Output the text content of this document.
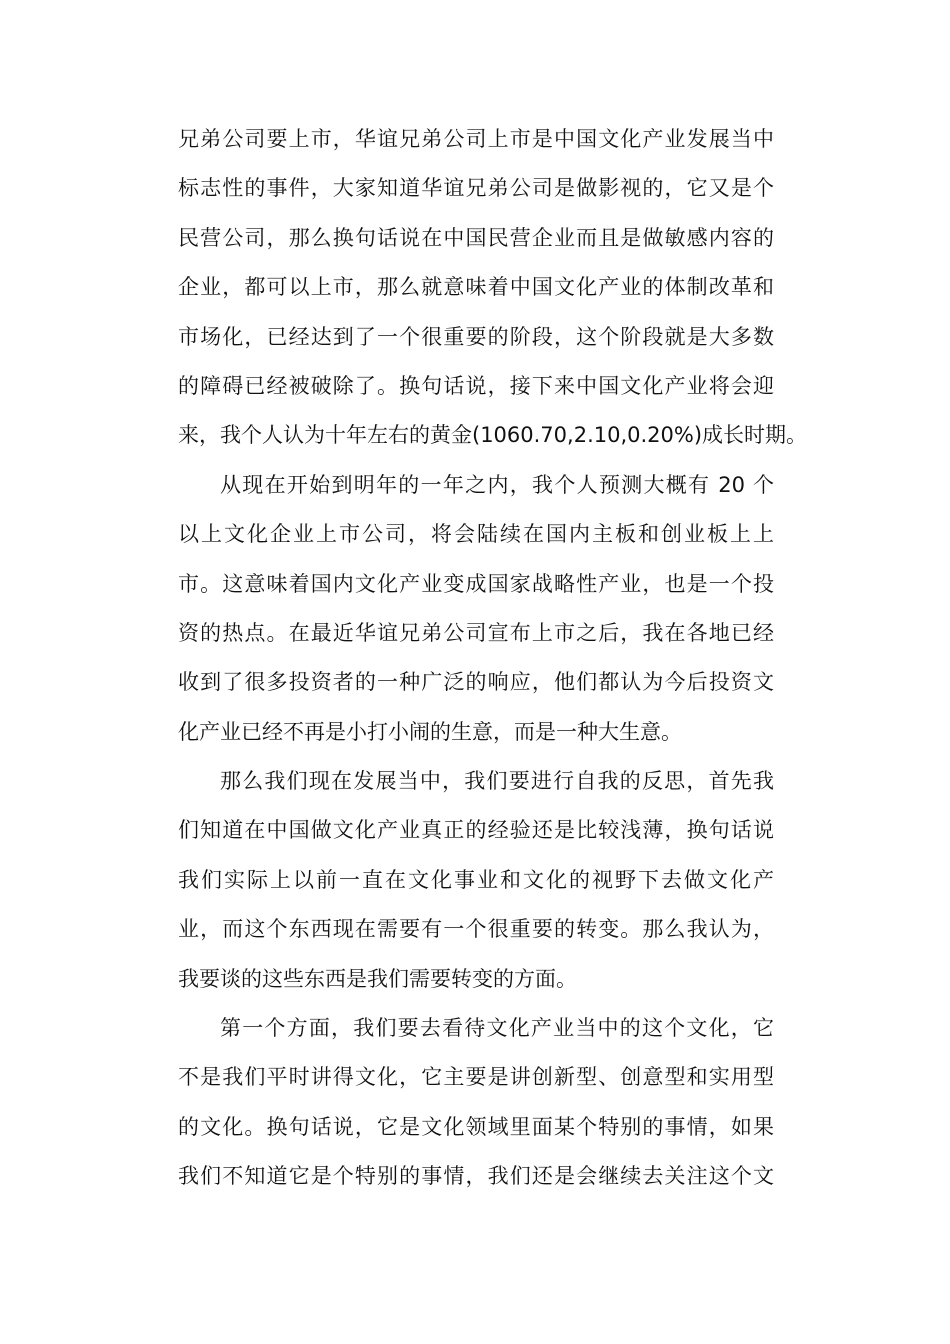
兄弟公司要上市，华谊兄弟公司上市是中国文化产业发展当中
标志性的事件，大家知道华谊兄弟公司是做影视的，它又是个
民营公司，那么换句话说在中国民营企业而且是做敏感内容的
企业，都可以上市，那么就意味着中国文化产业的体制改革和
市场化，已经达到了一个很重要的阶段，这个阶段就是大多数
的障碍已经被破除了。换句话说，接下来中国文化产业将会迎
来，我个人认为十年左右的黄金(1060.70,2.10,0.20%)成长时期。
从现在开始到明年的一年之内，我个人预测大概有 20 个
以上文化企业上市公司，将会陆续在国内主板和创业板上上
市。这意味着国内文化产业变成国家战略性产业，也是一个投
资的热点。在最近华谊兄弟公司宣布上市之后，我在各地已经
收到了很多投资者的一种广泛的响应，他们都认为今后投资文
化产业已经不再是小打小闹的生意，而是一种大生意。
那么我们现在发展当中，我们要进行自我的反思，首先我
们知道在中国做文化产业真正的经验还是比较浅薄，换句话说
我们实际上以前一直在文化事业和文化的视野下去做文化产
业，而这个东西现在需要有一个很重要的转变。那么我认为，
我要谈的这些东西是我们需要转变的方面。
第一个方面，我们要去看待文化产业当中的这个文化，它
不是我们平时讲得文化，它主要是讲创新型、创意型和实用型
的文化。换句话说，它是文化领域里面某个特别的事情，如果
我们不知道它是个特别的事情，我们还是会继续去关注这个文
